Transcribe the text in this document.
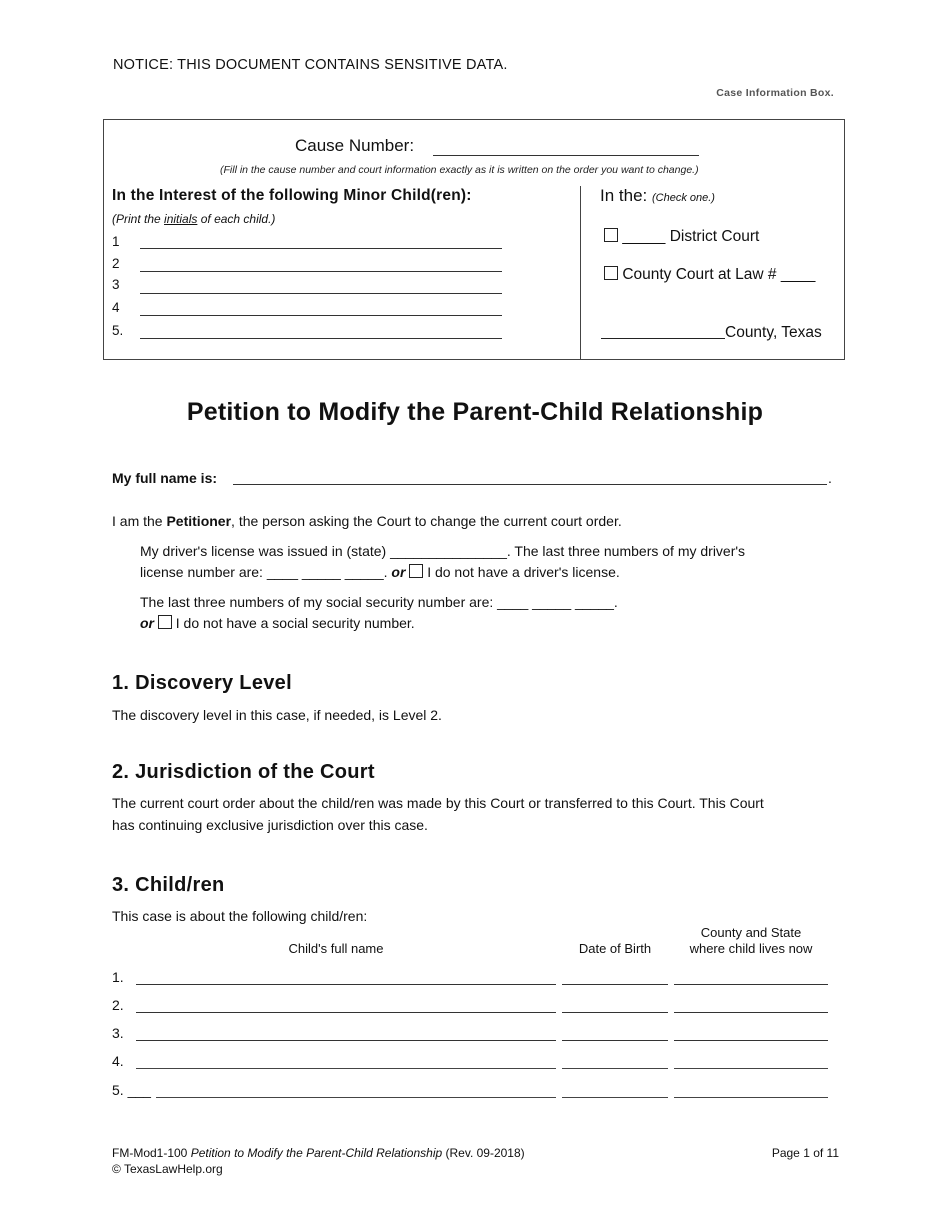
NOTICE: THIS DOCUMENT CONTAINS SENSITIVE DATA.
Case Information Box.
Cause Number:
(Fill in the cause number and court information exactly as it is written on the order you want to change.)
In the Interest of the following Minor Child(ren):
(Print the initials of each child.)
1
2
3
4
5.
In the: (Check one.)
_____ District Court
County Court at Law # ____
County, Texas
Petition to Modify the Parent-Child Relationship
My full name is:	.
I am the Petitioner, the person asking the Court to change the current court order.
My driver's license was issued in (state) _______________. The last three numbers of my driver's
license number are: ____ _____ _____. or I do not have a driver's license.
The last three numbers of my social security number are: ____ _____ _____.
or I do not have a social security number.
1. Discovery Level
The discovery level in this case, if needed, is Level 2.
2. Jurisdiction of the Court
The current court order about the child/ren was made by this Court or transferred to this Court. This Court
has continuing exclusive jurisdiction over this case.
3. Child/ren
This case is about the following child/ren:
Child's full name	Date of Birth
County and State
where child lives now
1.
2.
3.
4.
5. ___
FM-Mod1-100 Petition to Modify the Parent-Child Relationship (Rev. 09-2018)
© TexasLawHelp.org
Page 1 of 11
